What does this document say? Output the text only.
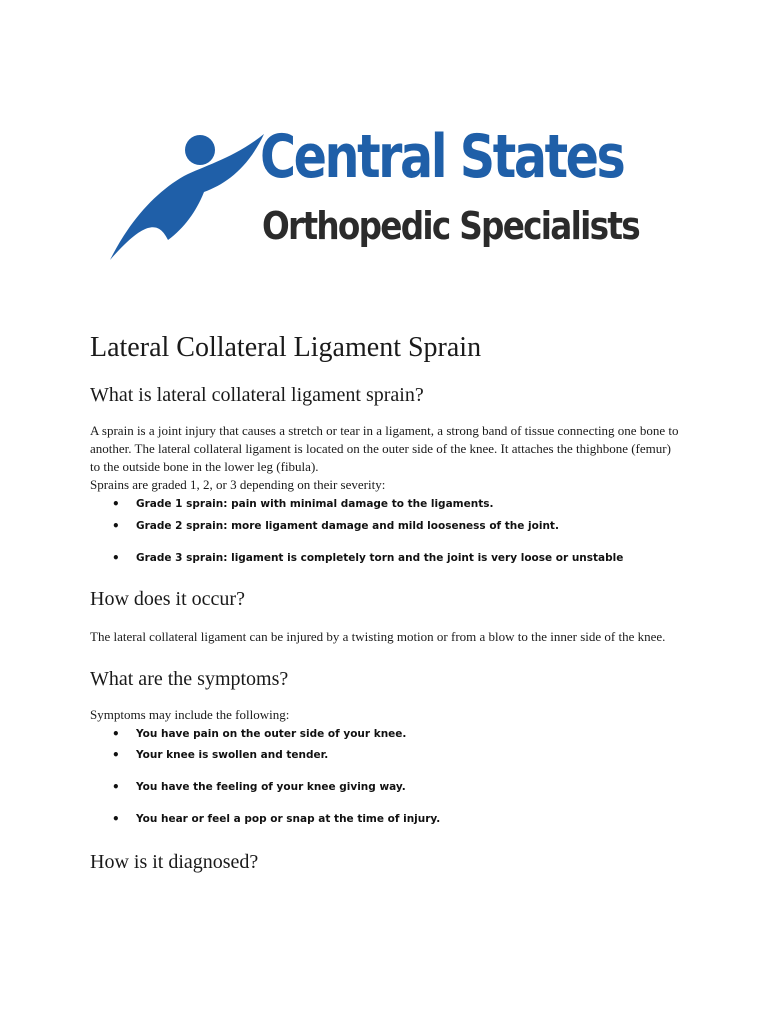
Central States
Orthopedic Specialists
Lateral Collateral Ligament Sprain
What is lateral collateral ligament sprain?

A sprain is a joint injury that causes a stretch or tear in a ligament, a strong band of tissue connecting one bone to another. The lateral collateral ligament is located on the outer side of the knee. It attaches the thighbone (femur) to the outside bone in the lower leg (fibula).

Sprains are graded 1, 2, or 3 depending on their severity:

• Grade 1 sprain: pain with minimal damage to the ligaments.
• Grade 2 sprain: more ligament damage and mild looseness of the joint.
• Grade 3 sprain: ligament is completely torn and the joint is very loose or unstable
How does it occur?

The lateral collateral ligament can be injured by a twisting motion or from a blow to the inner side of the knee.

What are the symptoms?

Symptoms may include the following:

• You have pain on the outer side of your knee.
• Your knee is swollen and tender.
• You have the feeling of your knee giving way.
• You hear or feel a pop or snap at the time of injury.
How is it diagnosed?
